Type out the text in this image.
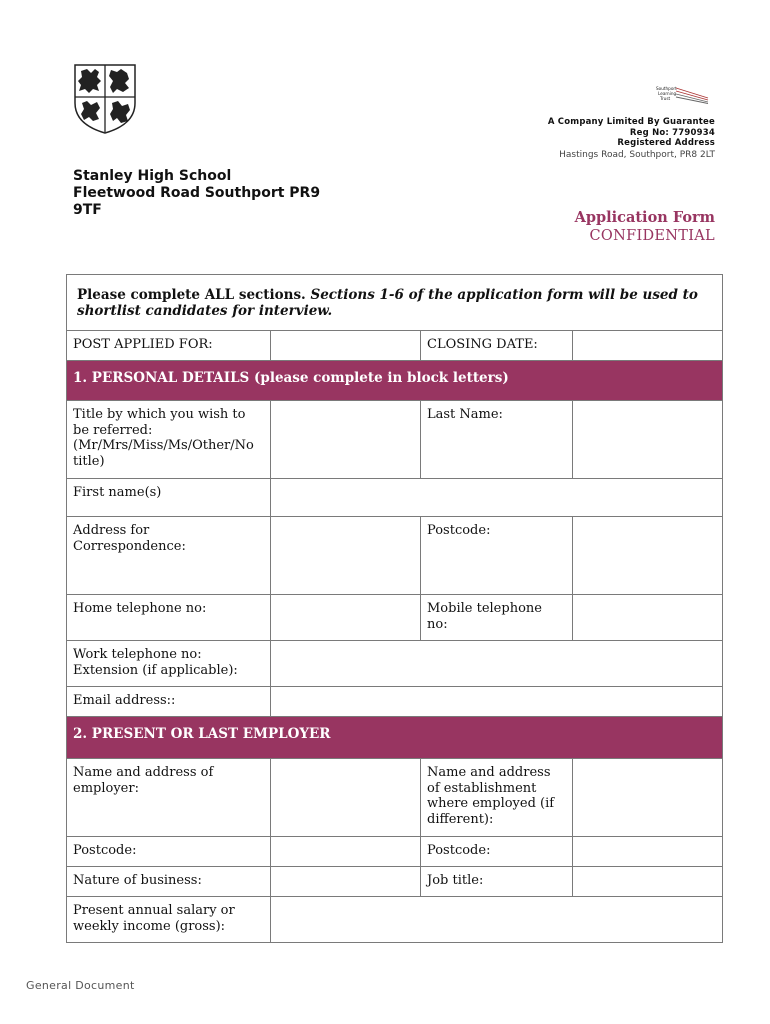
Southport
Learning
Trust
A Company Limited By Guarantee
Reg No: 7790934
Registered Address
Hastings Road, Southport, PR8 2LT
Stanley High School
Fleetwood Road Southport PR9
9TF	Application Form
CONFIDENTIAL
Please complete ALL sections. Sections 1-6 of the application form will be used to shortlist candidates for interview.			
POST APPLIED FOR:		CLOSING DATE:	
1. PERSONAL DETAILS (please complete in block letters)			
Title by which you wish to be referred: (Mr/Mrs/Miss/Ms/Other/No title)		Last Name:	
First name(s)			
Address for Correspondence:		Postcode:	
Home telephone no:		Mobile telephone no:	
Work telephone no: Extension (if applicable):			
Email address::			
2. PRESENT OR LAST EMPLOYER			
Name and address of employer:		Name and address of establishment where employed (if different):	
Postcode:		Postcode:	
Nature of business:		Job title:	
Present annual salary or weekly income (gross):			
General Document
